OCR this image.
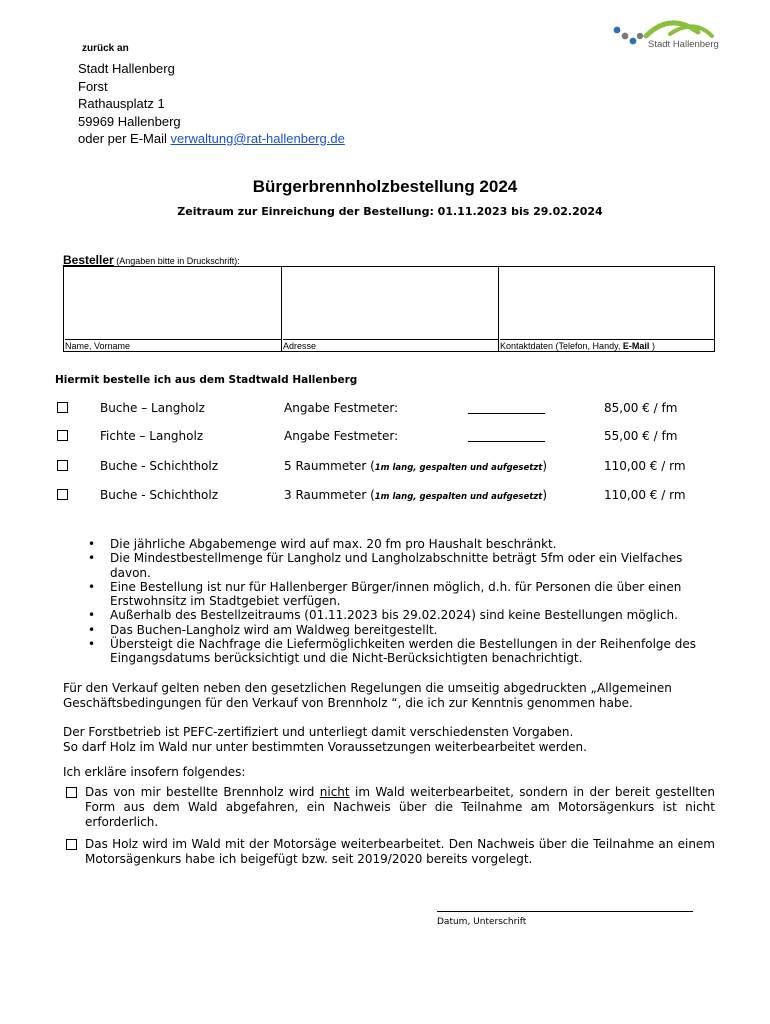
zurück an
Stadt Hallenberg
Forst
Rathausplatz 1
59969 Hallenberg
oder per E-Mail verwaltung@rat-hallenberg.de
Stadt Hallenberg
Bürgerbrennholzbestellung 2024
Zeitraum zur Einreichung der Bestellung: 01.11.2023 bis 29.02.2024
Besteller (Angaben bitte in Druckschrift):
Name, Vorname	Adresse	Kontaktdaten (Telefon, Handy, E-Mail )
Hiermit bestelle ich aus dem Stadtwald Hallenberg
Buche – Langholz	Angabe Festmeter:	85,00 € / fm
Fichte – Langholz	Angabe Festmeter:	55,00 € / fm
Buche - Schichtholz	5 Raummeter (1m lang, gespalten und aufgesetzt)	110,00 € / rm
Buche - Schichtholz	3 Raummeter (1m lang, gespalten und aufgesetzt)	110,00 € / rm
• Die jährliche Abgabemenge wird auf max. 20 fm pro Haushalt beschränkt.
• Die Mindestbestellmenge für Langholz und Langholzabschnitte beträgt 5fm oder ein Vielfaches davon.
• Eine Bestellung ist nur für Hallenberger Bürger/innen möglich, d.h. für Personen die über einen Erstwohnsitz im Stadtgebiet verfügen.
• Außerhalb des Bestellzeitraums (01.11.2023 bis 29.02.2024) sind keine Bestellungen möglich.
• Das Buchen-Langholz wird am Waldweg bereitgestellt.
• Übersteigt die Nachfrage die Liefermöglichkeiten werden die Bestellungen in der Reihenfolge des Eingangsdatums berücksichtigt und die Nicht-Berücksichtigten benachrichtigt.
Für den Verkauf gelten neben den gesetzlichen Regelungen die umseitig abgedruckten „Allgemeinen Geschäftsbedingungen für den Verkauf von Brennholz “, die ich zur Kenntnis genommen habe.
Der Forstbetrieb ist PEFC-zertifiziert und unterliegt damit verschiedensten Vorgaben.
So darf Holz im Wald nur unter bestimmten Voraussetzungen weiterbearbeitet werden.
Ich erkläre insofern folgendes:
Das von mir bestellte Brennholz wird nicht im Wald weiterbearbeitet, sondern in der bereit gestellten Form aus dem Wald abgefahren, ein Nachweis über die Teilnahme am Motorsägenkurs ist nicht erforderlich.
Das Holz wird im Wald mit der Motorsäge weiterbearbeitet. Den Nachweis über die Teilnahme an einem Motorsägenkurs habe ich beigefügt bzw. seit 2019/2020 bereits vorgelegt.
Datum, Unterschrift
